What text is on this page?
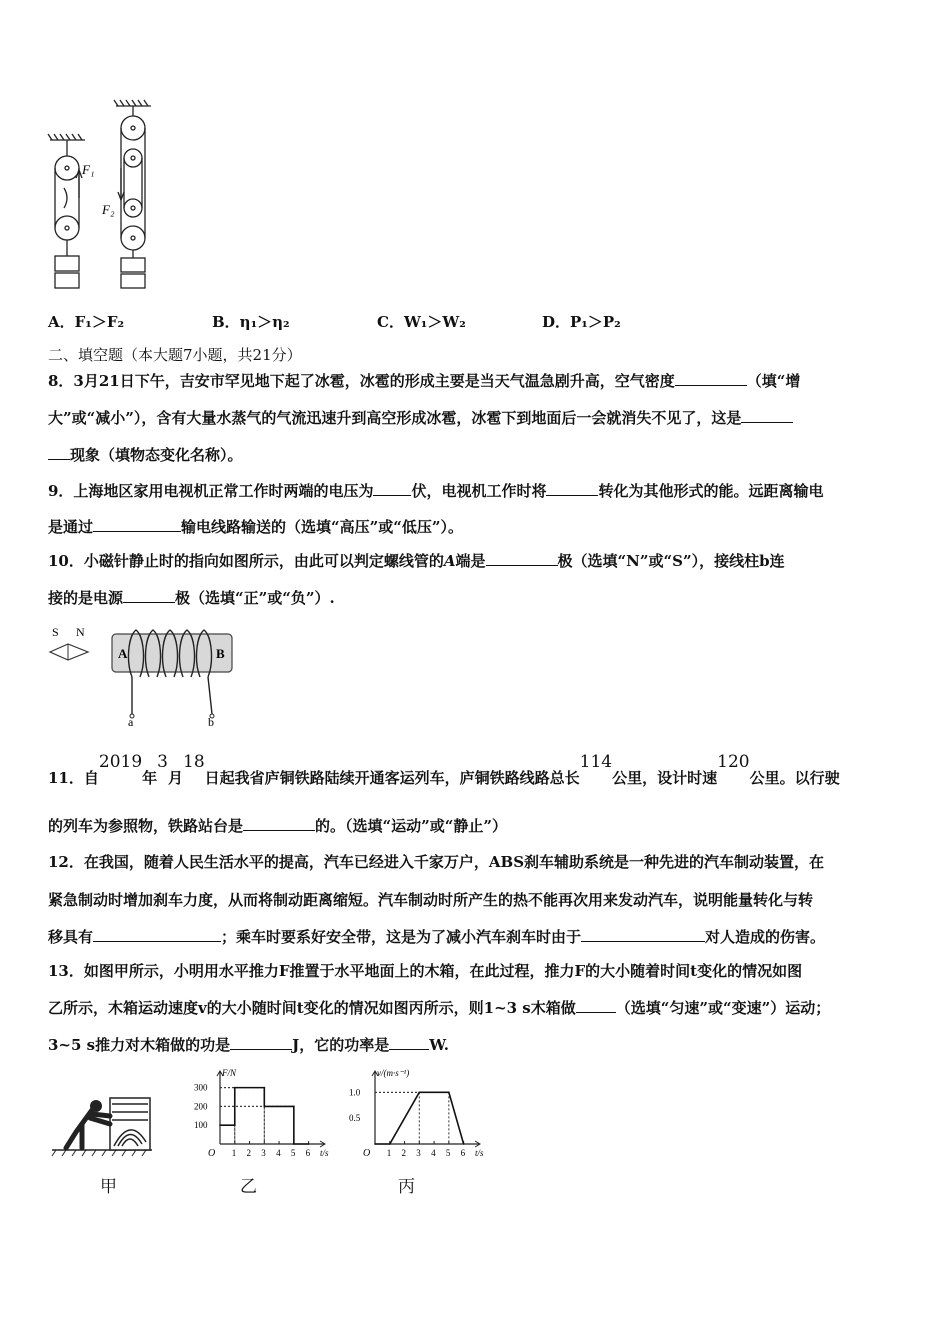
F₁
F₂
A．F₁＞F₂	B．η₁＞η₂	C．W₁＞W₂	D．P₁＞P₂
二、填空题（本大题7小题，共21分）
8．3月21日下午，吉安市罕见地下起了冰雹，冰雹的形成主要是当天气温急剧升高，空气密度	（填“增
大”或“减小”），含有大量水蒸气的气流迅速升到高空形成冰雹，冰雹下到地面后一会就消失不见了，这是
现象（填物态变化名称）。
9．上海地区家用电视机正常工作时两端的电压为	伏，电视机工作时将	转化为其他形式的能。远距离输电
是通过	输电线路输送的（选填“高压”或“低压”）。
10．小磁针静止时的指向如图所示，由此可以判定螺线管的A端是	极（选填“N”或“S”），接线柱b连
接的是电源	极（选填“正”或“负”）.
S N
A	B
a	b
11．自2019年3月18日起我省庐铜铁路陆续开通客运列车，庐铜铁路线路总长114公里，设计时速120公里。以行驶
的列车为参照物，铁路站台是	的。（选填“运动”或“静止”）
12．在我国，随着人民生活水平的提高，汽车已经进入千家万户，ABS刹车辅助系统是一种先进的汽车制动装置，在
紧急制动时增加刹车力度，从而将制动距离缩短。汽车制动时所产生的热不能再次用来发动汽车，说明能量转化与转
移具有	；乘车时要系好安全带，这是为了减小汽车刹车时由于	对人造成的伤害。
13．如图甲所示，小明用水平推力F推置于水平地面上的木箱，在此过程，推力F的大小随着时间t变化的情况如图
乙所示，木箱运动速度v的大小随时间t变化的情况如图丙所示，则1~3 s木箱做	（选填“匀速”或“变速”）运动；
3~5 s推力对木箱做的功是	J，它的功率是	W.
O
F/N
t/s
1 2 3 4 5 6
100
200
300
O
v/(m·s⁻¹)
t/s
1 2 3 4 5 6
0.5
1.0
甲	乙	丙
